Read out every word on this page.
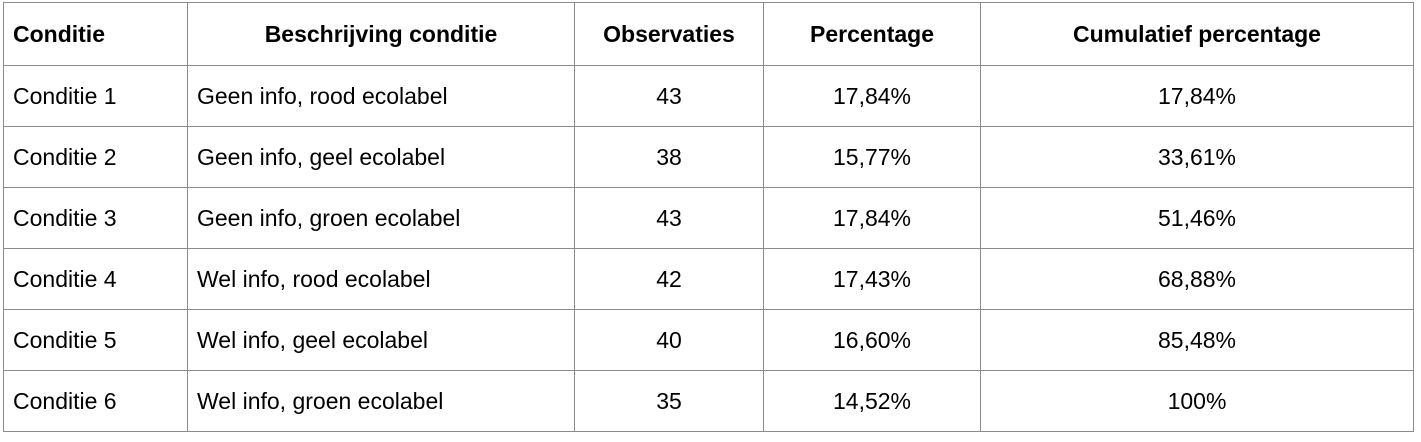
Conditie	Beschrijving conditie	Observaties	Percentage	Cumulatief percentage
Conditie 1	Geen info, rood ecolabel	43	17,84%	17,84%
Conditie 2	Geen info, geel ecolabel	38	15,77%	33,61%
Conditie 3	Geen info, groen ecolabel	43	17,84%	51,46%
Conditie 4	Wel info, rood ecolabel	42	17,43%	68,88%
Conditie 5	Wel info, geel ecolabel	40	16,60%	85,48%
Conditie 6	Wel info, groen ecolabel	35	14,52%	100%
